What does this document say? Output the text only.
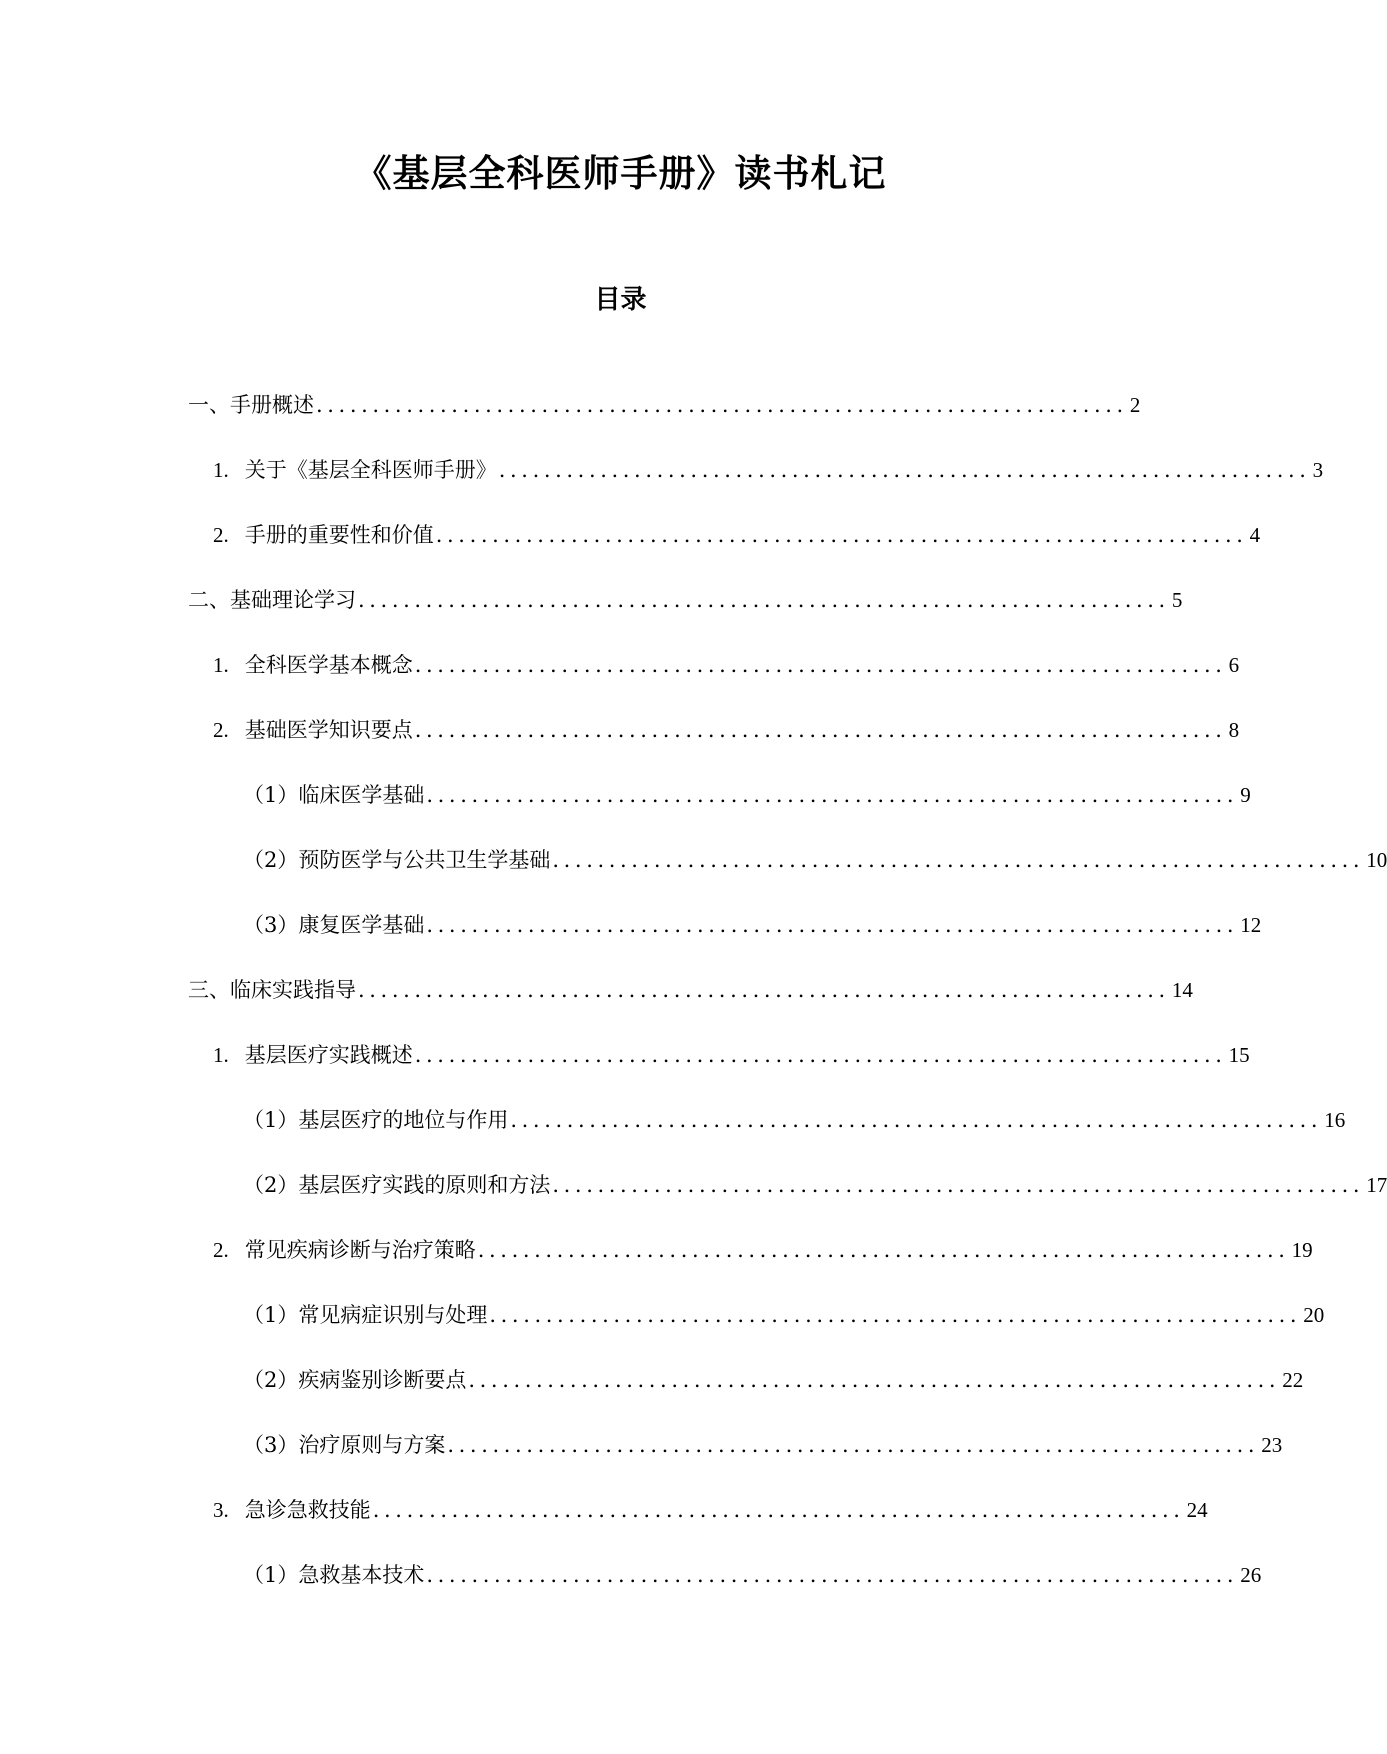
《基层全科医师手册》读书札记
目录
一、手册概述 ........................................................................ 2
1. 关于《基层全科医师手册》 ........................................................................ 3
2. 手册的重要性和价值 ........................................................................ 4
二、基础理论学习 ........................................................................ 5
1. 全科医学基本概念 ........................................................................ 6
2. 基础医学知识要点 ........................................................................ 8
（1）临床医学基础 ........................................................................ 9
（2）预防医学与公共卫生学基础 ........................................................................ 10
（3）康复医学基础 ........................................................................ 12
三、临床实践指导 ........................................................................ 14
1. 基层医疗实践概述 ........................................................................ 15
（1）基层医疗的地位与作用 ........................................................................ 16
（2）基层医疗实践的原则和方法 ........................................................................ 17
2. 常见疾病诊断与治疗策略 ........................................................................ 19
（1）常见病症识别与处理 ........................................................................ 20
（2）疾病鉴别诊断要点 ........................................................................ 22
（3）治疗原则与方案 ........................................................................ 23
3. 急诊急救技能 ........................................................................ 24
（1）急救基本技术 ........................................................................ 26
